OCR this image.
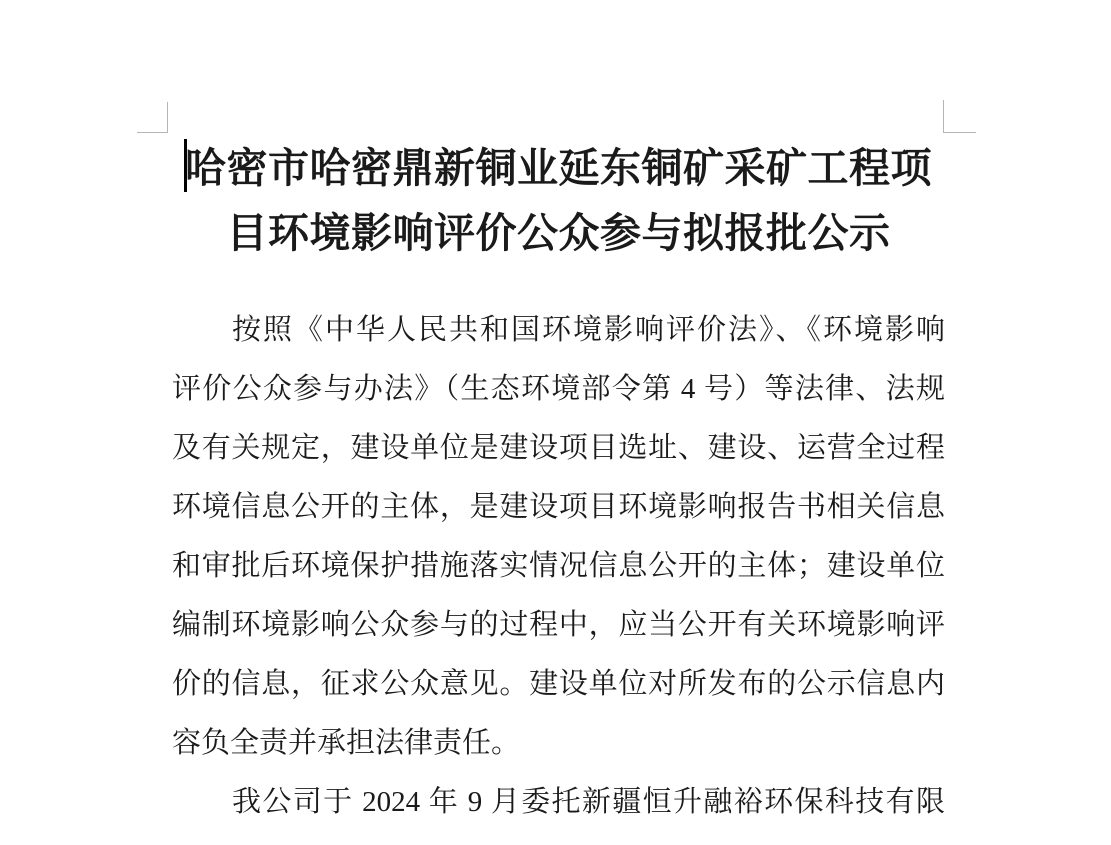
哈密市哈密鼎新铜业延东铜矿采矿工程项
目环境影响评价公众参与拟报批公示
按照《中华人民共和国环境影响评价法》、《环境影响
评价公众参与办法》（生态环境部令第 4 号）等法律、法规
及有关规定，建设单位是建设项目选址、建设、运营全过程
环境信息公开的主体，是建设项目环境影响报告书相关信息
和审批后环境保护措施落实情况信息公开的主体；建设单位
编制环境影响公众参与的过程中，应当公开有关环境影响评
价的信息，征求公众意见。建设单位对所发布的公示信息内
容负全责并承担法律责任。
我公司于 2024 年 9 月委托新疆恒升融裕环保科技有限
